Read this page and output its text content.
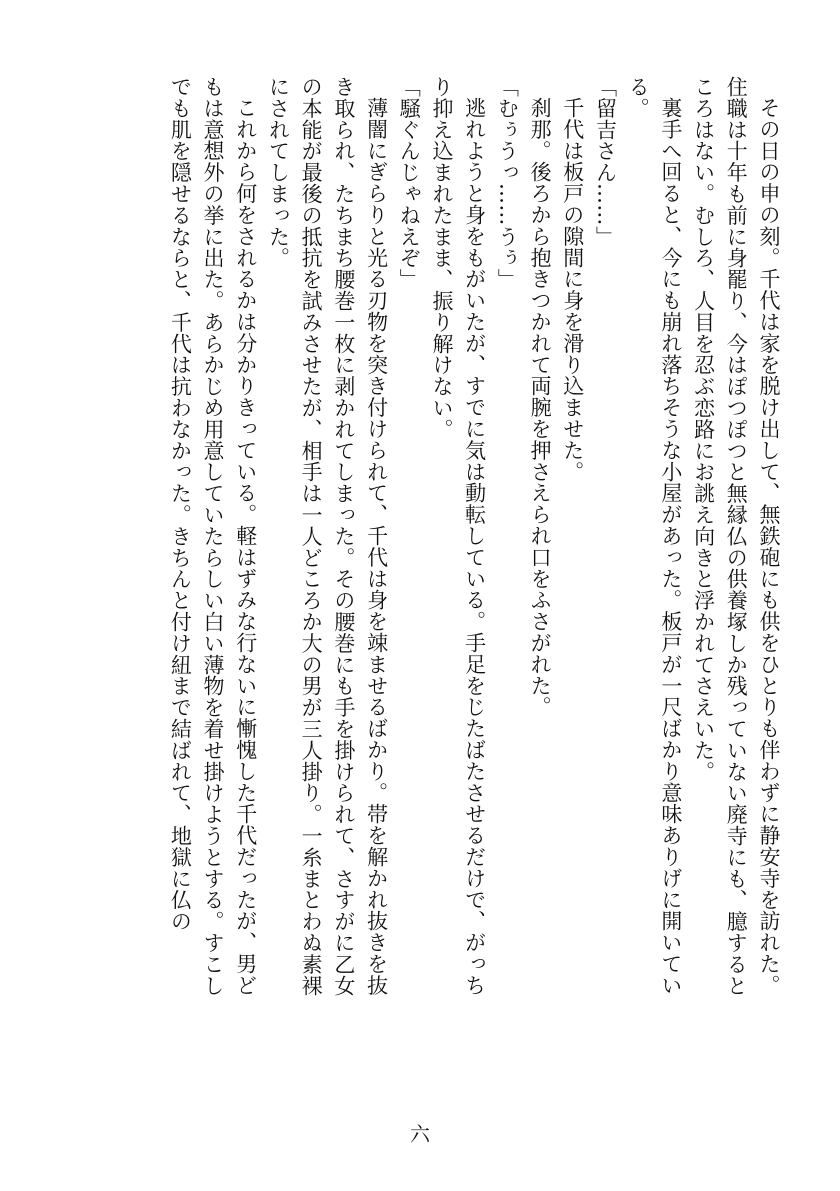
その日の申の刻。千代は家を脱け出して、無鉄砲にも供をひとりも伴わずに静安寺を訪れた。住職は十年も前に身罷り、今はぽつぽつと無縁仏の供養塚しか残っていない廃寺にも、臆するところはない。むしろ、人目を忍ぶ恋路にお誂え向きと浮かれてさえいた。

裏手へ回ると、今にも崩れ落ちそうな小屋があった。板戸が一尺ばかり意味ありげに開いている。

「留吉さん……」

千代は板戸の隙間に身を滑り込ませた。

刹那。後ろから抱きつかれて両腕を押さえられ口をふさがれた。

「むぅうっ……うぅ」

逃れようと身をもがいたが、すでに気は動転している。手足をじたばたさせるだけで、がっちり抑え込まれたまま、振り解けない。

「騒ぐんじゃねえぞ」

薄闇にぎらりと光る刃物を突き付けられて、千代は身を竦ませるばかり。帯を解かれ抜きを抜き取られ、たちまち腰巻一枚に剥かれてしまった。その腰巻にも手を掛けられて、さすがに乙女の本能が最後の抵抗を試みさせたが、相手は一人どころか大の男が三人掛り。一糸まとわぬ素裸にされてしまった。

これから何をされるかは分かりきっている。軽はずみな行ないに慚愧した千代だったが、男どもは意想外の挙に出た。あらかじめ用意していたらしい白い薄物を着せ掛けようとする。すこしでも肌を隠せるならと、千代は抗わなかった。きちんと付け紐まで結ばれて、地獄に仏の

六
